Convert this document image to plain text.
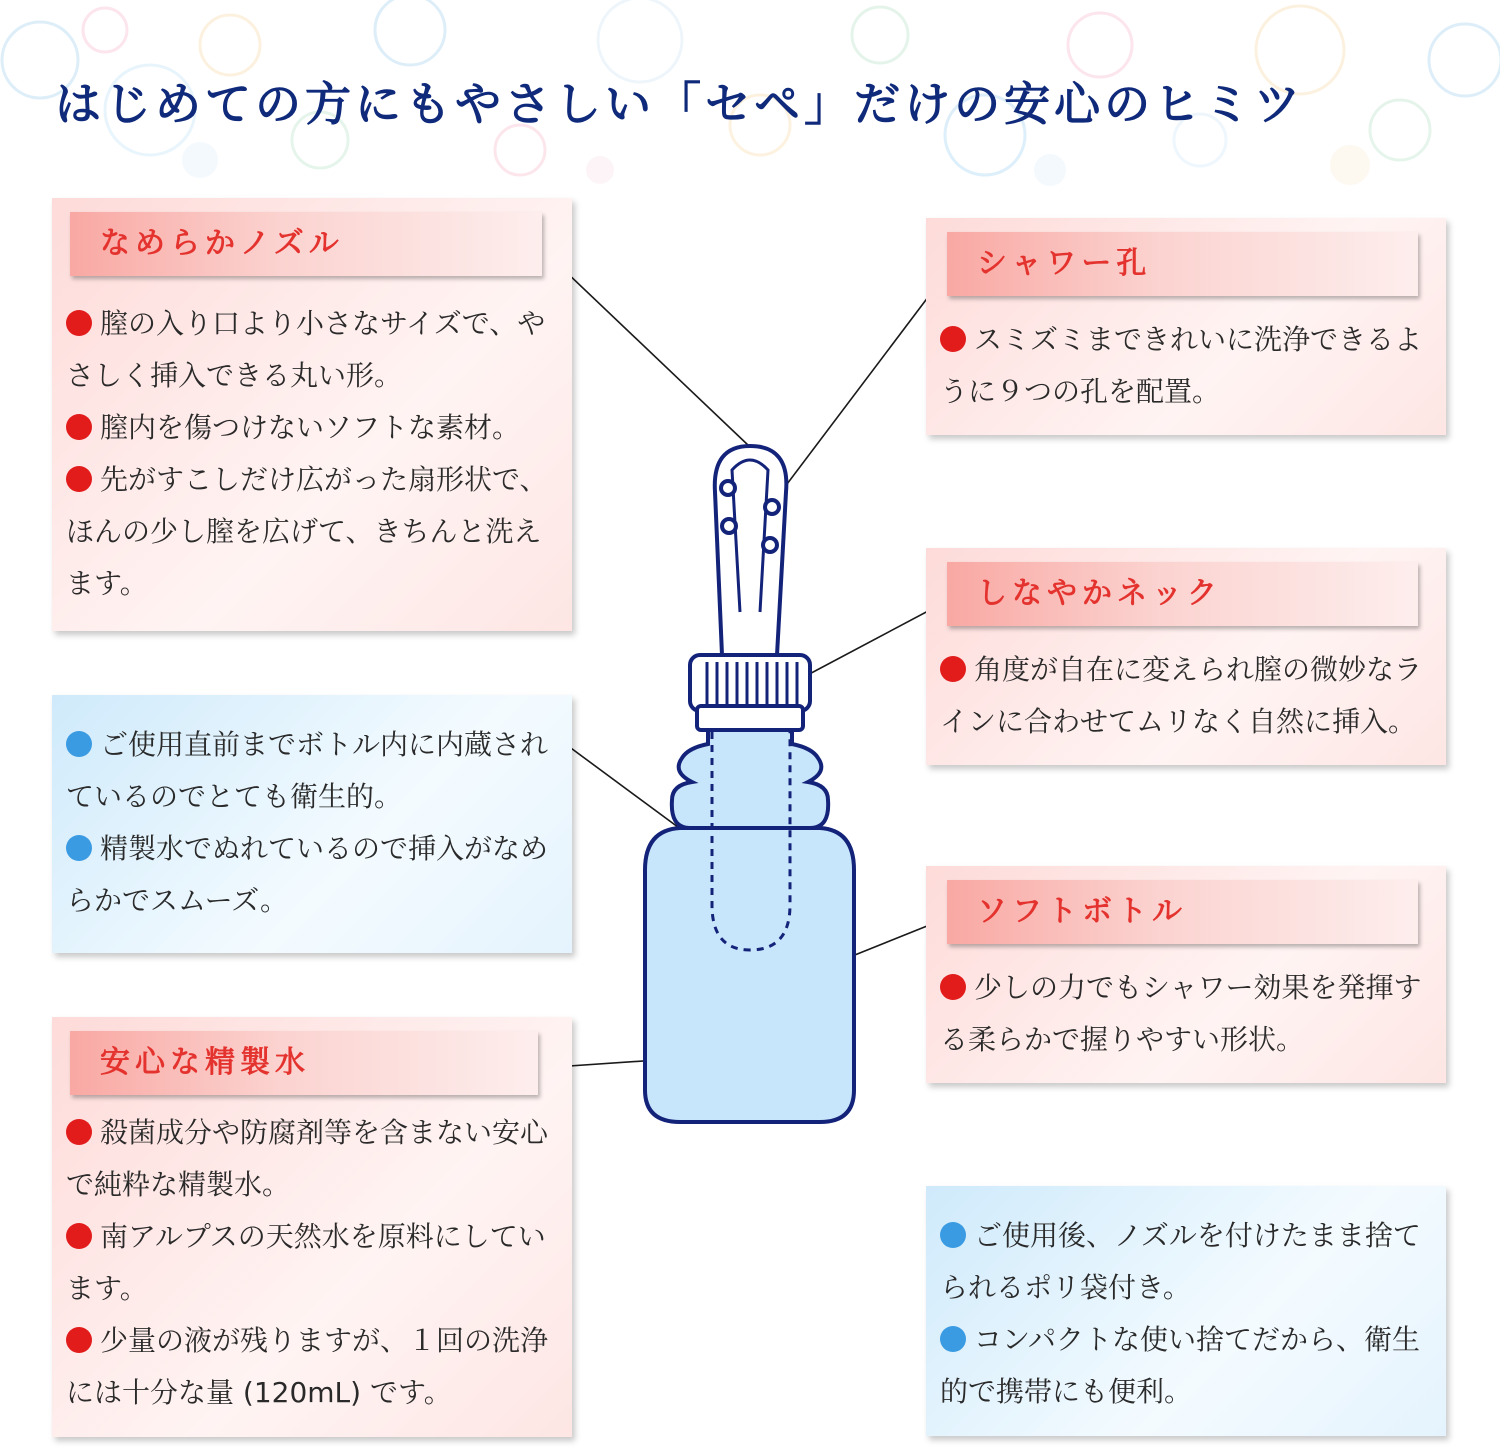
はじめての方にもやさしい「セペ」だけの安心のヒミツ
なめらかノズル
膣の入り口より小さなサイズで、やさしく挿入できる丸い形。
膣内を傷つけないソフトな素材。
先がすこしだけ広がった扇形状で、ほんの少し膣を広げて、きちんと洗えます。
シャワー孔
スミズミまできれいに洗浄できるように９つの孔を配置。
しなやかネック
角度が自在に変えられ膣の微妙なラインに合わせてムリなく自然に挿入。
ご使用直前までボトル内に内蔵されているのでとても衛生的。
精製水でぬれているので挿入がなめらかでスムーズ。	ソフトボトル
少しの力でもシャワー効果を発揮する柔らかで握りやすい形状。
安心な精製水
殺菌成分や防腐剤等を含まない安心で純粋な精製水。
南アルプスの天然水を原料にしています。
少量の液が残りますが、１回の洗浄には十分な量 (120mL) です。
ご使用後、ノズルを付けたまま捨てられるポリ袋付き。
コンパクトな使い捨てだから、衛生的で携帯にも便利。
